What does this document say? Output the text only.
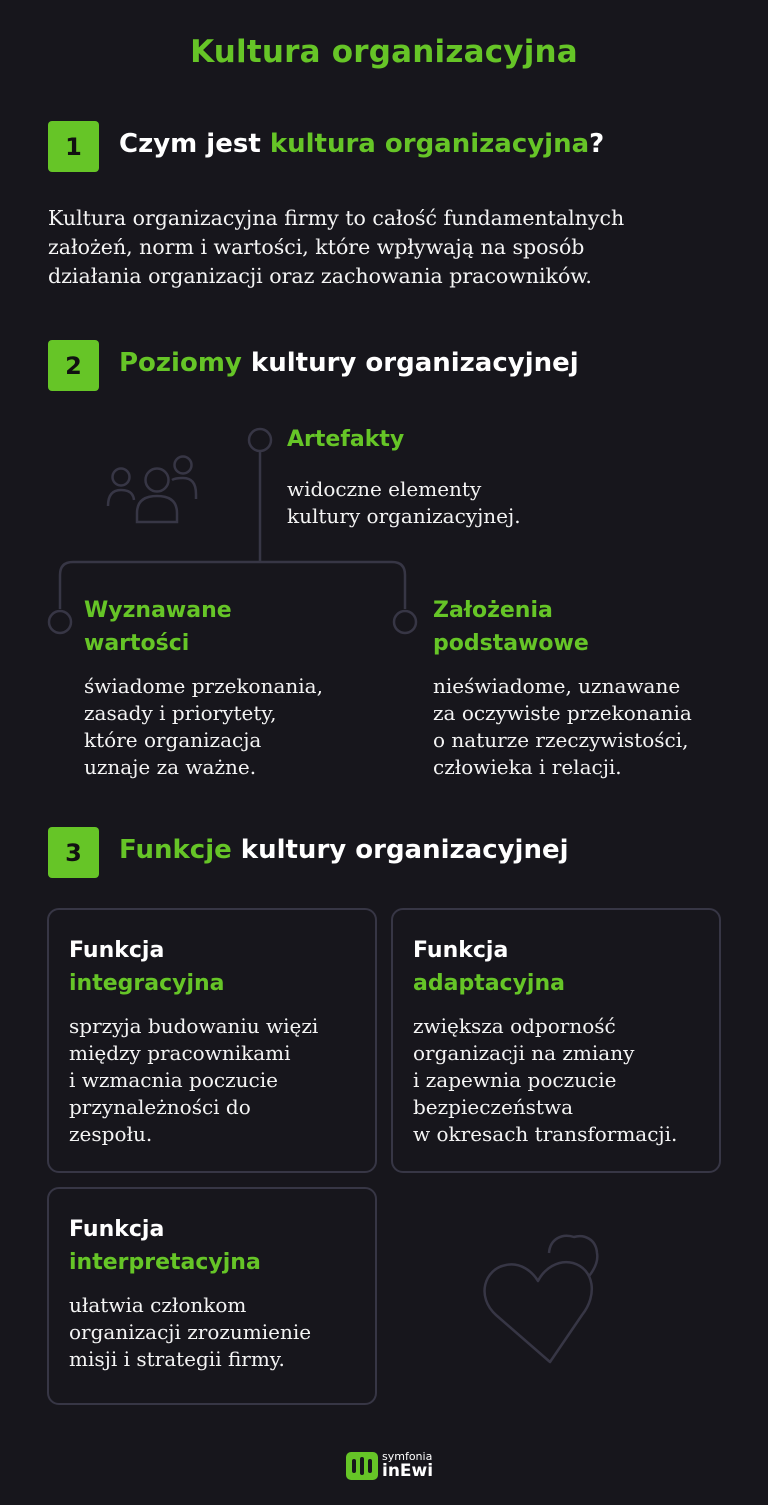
Kultura organizacyjna
1	Czym jest kultura organizacyjna?
Kultura organizacyjna firmy to całość fundamentalnych
założeń, norm i wartości, które wpływają na sposób
działania organizacji oraz zachowania pracowników.
2	Poziomy kultury organizacyjnej
Artefakty
widoczne elementy
kultury organizacyjnej.
Wyznawane
wartości
świadome przekonania,
zasady i priorytety,
które organizacja
uznaje za ważne.
Założenia
podstawowe
nieświadome, uznawane
za oczywiste przekonania
o naturze rzeczywistości,
człowieka i relacji.
3	Funkcje kultury organizacyjnej
Funkcja
integracyjna
sprzyja budowaniu więzi
między pracownikami
i wzmacnia poczucie
przynależności do
zespołu.
Funkcja
adaptacyjna
zwiększa odporność
organizacji na zmiany
i zapewnia poczucie
bezpieczeństwa
w okresach transformacji.
Funkcja
interpretacyjna
ułatwia członkom
organizacji zrozumienie
misji i strategii firmy.
symfonia
inEwi
